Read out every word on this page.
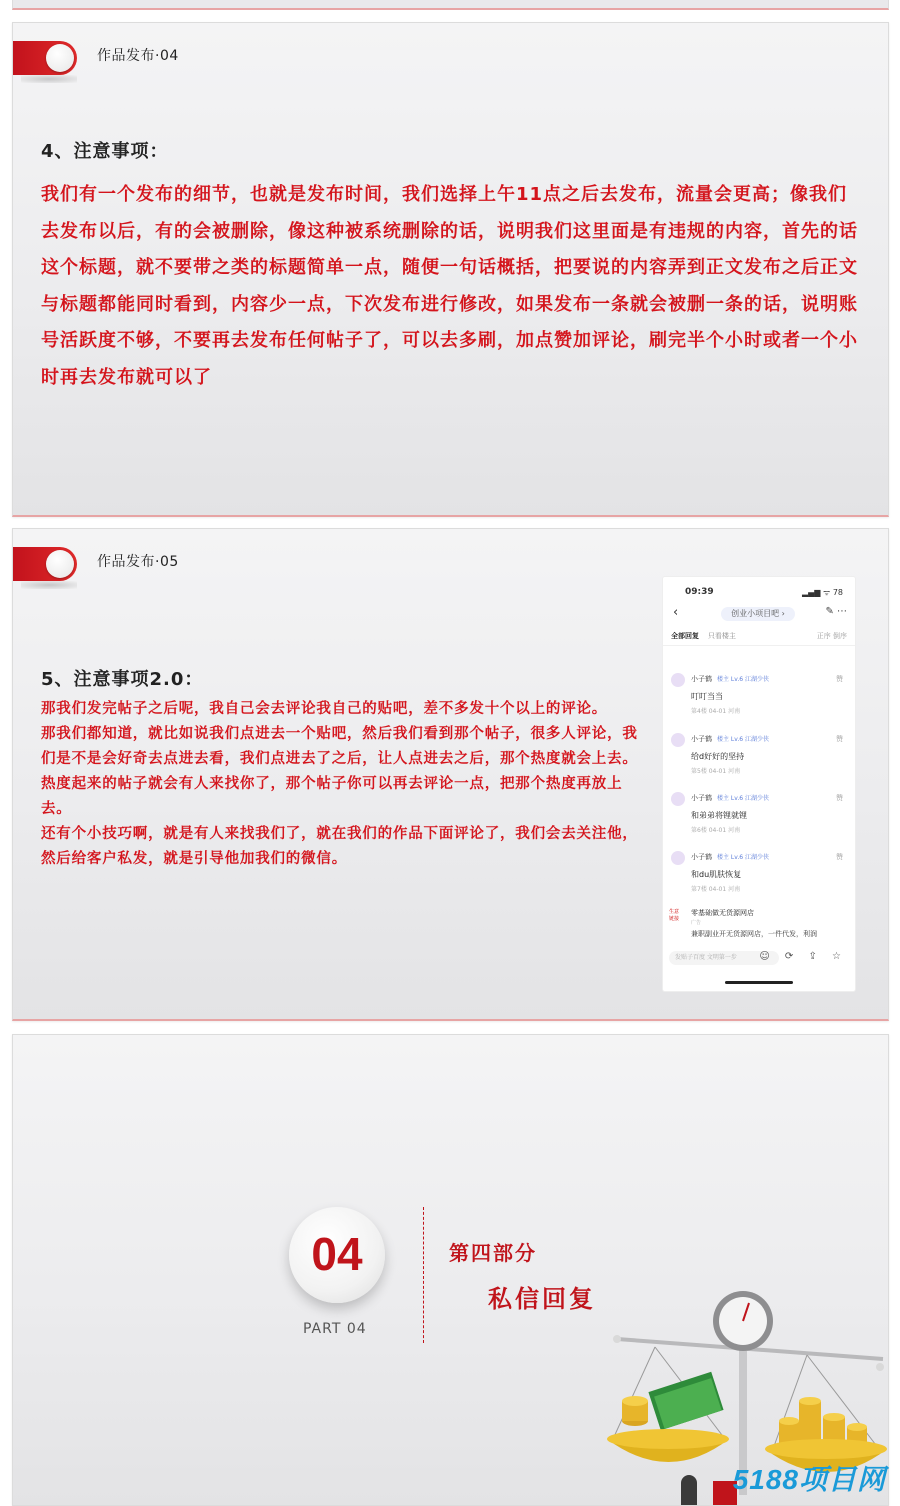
作品发布·04
4、注意事项：

我们有一个发布的细节，也就是发布时间，我们选择上午11点之后去发布，流量会更高；像我们去发布以后，有的会被删除，像这种被系统删除的话，说明我们这里面是有违规的内容，首先的话这个标题，就不要带之类的标题简单一点，随便一句话概括，把要说的内容弄到正文发布之后正文与标题都能同时看到，内容少一点，下次发布进行修改，如果发布一条就会被删一条的话，说明账号活跃度不够，不要再去发布任何帖子了，可以去多刷，加点赞加评论，刷完半个小时或者一个小时再去发布就可以了

作品发布·05
5、注意事项2.0：

那我们发完帖子之后呢，我自己会去评论我自己的贴吧，差不多发十个以上的评论。

那我们都知道，就比如说我们点进去一个贴吧，然后我们看到那个帖子，很多人评论，我们是不是会好奇去点进去看，我们点进去了之后，让人点进去之后，那个热度就会上去。

热度起来的帖子就会有人来找你了，那个帖子你可以再去评论一点，把那个热度再放上去。

还有个小技巧啊，就是有人来找我们了，就在我们的作品下面评论了，我们会去关注他，然后给客户私发，就是引导他加我们的微信。

09:39	▂▄▆ ᯤ 78
‹	创业小项目吧 ›	✎ ⋯
全部回复 只看楼主	正序 倒序
小子鹤 楼主 Lv.6 江湖少侠	赞
叮叮当当
第4楼 04-01 河南
小子鹤 楼主 Lv.6 江湖少侠	赞
给d好好的坚持
第5楼 04-01 河南
小子鹤 楼主 Lv.6 江湖少侠	赞
和弟弟将锂就锂
第6楼 04-01 河南
小子鹤 楼主 Lv.6 江湖少侠	赞
和du肌肤恢复
第7楼 04-01 河南
生意链接
零基础做无货源网店
广告
兼职副业开无货源网店，一件代发，利润
发贴子百度 文明第一步	☺ ⟳ ⇪ ☆
04
PART 04
第四部分
私信回复
5188项目网
